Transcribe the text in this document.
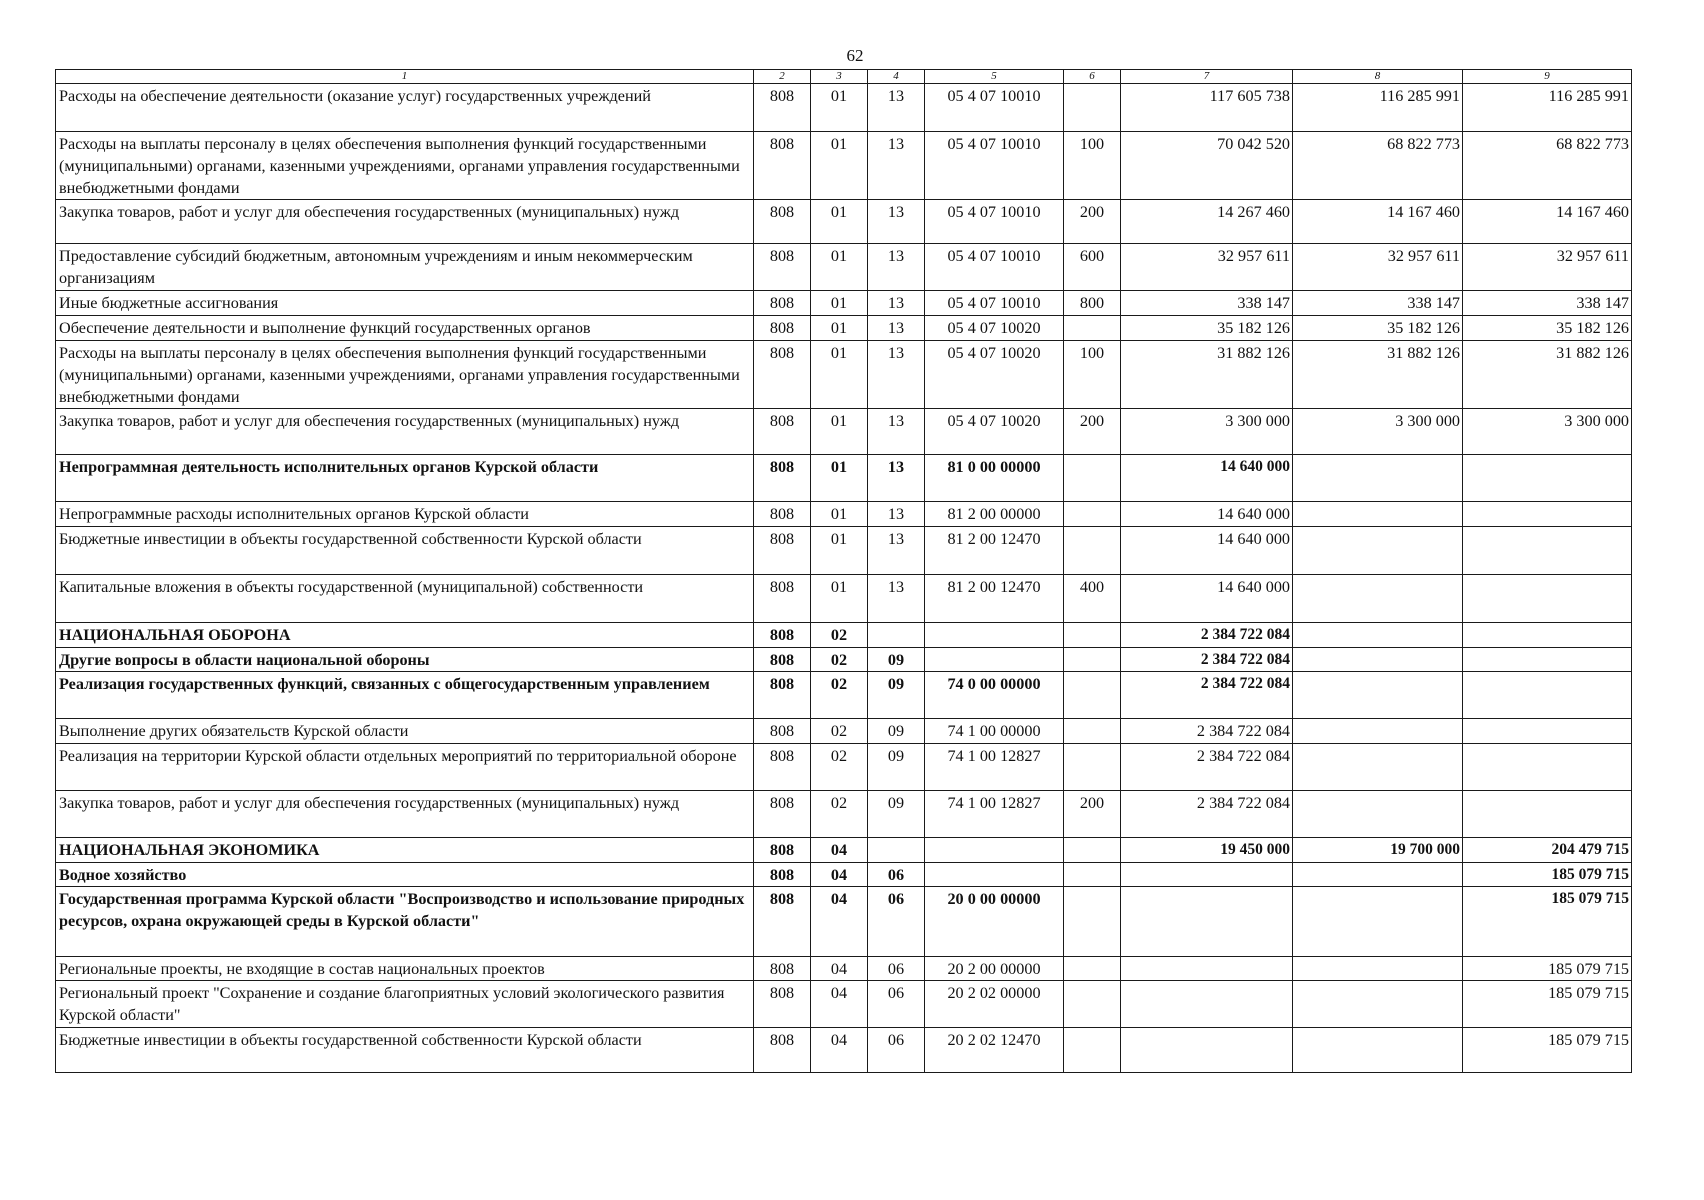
62
1	2	3	4	5	6	7	8	9
Расходы на обеспечение деятельности (оказание услуг) государственных учреждений	808	01	13	05 4 07 10010		117 605 738	116 285 991	116 285 991
Расходы на выплаты персоналу в целях обеспечения выполнения функций государственными (муниципальными) органами, казенными учреждениями, органами управления государственными внебюджетными фондами	808	01	13	05 4 07 10010	100	70 042 520	68 822 773	68 822 773
Закупка товаров, работ и услуг для обеспечения государственных (муниципальных) нужд	808	01	13	05 4 07 10010	200	14 267 460	14 167 460	14 167 460
Предоставление субсидий бюджетным, автономным учреждениям и иным некоммерческим организациям	808	01	13	05 4 07 10010	600	32 957 611	32 957 611	32 957 611
Иные бюджетные ассигнования	808	01	13	05 4 07 10010	800	338 147	338 147	338 147
Обеспечение деятельности и выполнение функций государственных органов	808	01	13	05 4 07 10020		35 182 126	35 182 126	35 182 126
Расходы на выплаты персоналу в целях обеспечения выполнения функций государственными (муниципальными) органами, казенными учреждениями, органами управления государственными внебюджетными фондами	808	01	13	05 4 07 10020	100	31 882 126	31 882 126	31 882 126
Закупка товаров, работ и услуг для обеспечения государственных (муниципальных) нужд	808	01	13	05 4 07 10020	200	3 300 000	3 300 000	3 300 000
Непрограммная деятельность исполнительных органов Курской области	808	01	13	81 0 00 00000		14 640 000		
Непрограммные расходы исполнительных органов Курской области	808	01	13	81 2 00 00000		14 640 000		
Бюджетные инвестиции в объекты государственной собственности Курской области	808	01	13	81 2 00 12470		14 640 000		
Капитальные вложения в объекты государственной (муниципальной) собственности	808	01	13	81 2 00 12470	400	14 640 000		
НАЦИОНАЛЬНАЯ ОБОРОНА	808	02				2 384 722 084		
Другие вопросы в области национальной обороны	808	02	09			2 384 722 084		
Реализация государственных функций, связанных с общегосударственным управлением	808	02	09	74 0 00 00000		2 384 722 084		
Выполнение других обязательств Курской области	808	02	09	74 1 00 00000		2 384 722 084		
Реализация на территории Курской области отдельных мероприятий по территориальной обороне	808	02	09	74 1 00 12827		2 384 722 084		
Закупка товаров, работ и услуг для обеспечения государственных (муниципальных) нужд	808	02	09	74 1 00 12827	200	2 384 722 084		
НАЦИОНАЛЬНАЯ ЭКОНОМИКА	808	04				19 450 000	19 700 000	204 479 715
Водное хозяйство	808	04	06					185 079 715
Государственная программа Курской области "Воспроизводство и использование природных ресурсов, охрана окружающей среды в Курской области"	808	04	06	20 0 00 00000				185 079 715
Региональные проекты, не входящие в состав национальных проектов	808	04	06	20 2 00 00000				185 079 715
Региональный проект "Сохранение и создание благоприятных условий экологического развития Курской области"	808	04	06	20 2 02 00000				185 079 715
Бюджетные инвестиции в объекты государственной собственности Курской области	808	04	06	20 2 02 12470				185 079 715
